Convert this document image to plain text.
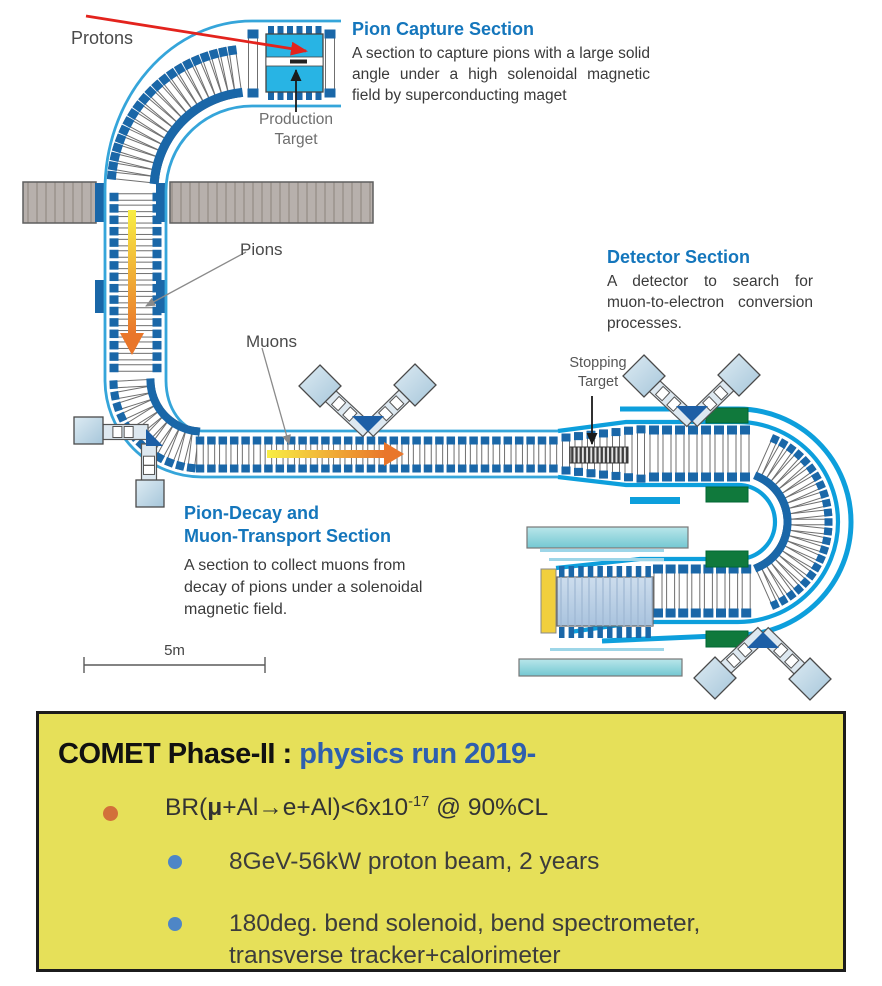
Protons	Pion Capture Section
A section to capture pions with a large solid angle under a high solenoidal magnetic field by superconducting maget
Production Target
Pions
Muons
Detector Section
A detector to search for muon-to-electron conversion processes.
Stopping Target
Pion-Decay and
Muon-Transport Section
A section to collect muons from decay of pions under a solenoidal magnetic field.
5m
COMET Phase-II : physics run 2019-
$BR(\mu+Al\to e+Al)<6x10^{-17}$ @ 90%CL
8GeV-56kW proton beam, 2 years
180deg. bend solenoid, bend spectrometer, transverse tracker+calorimeter
